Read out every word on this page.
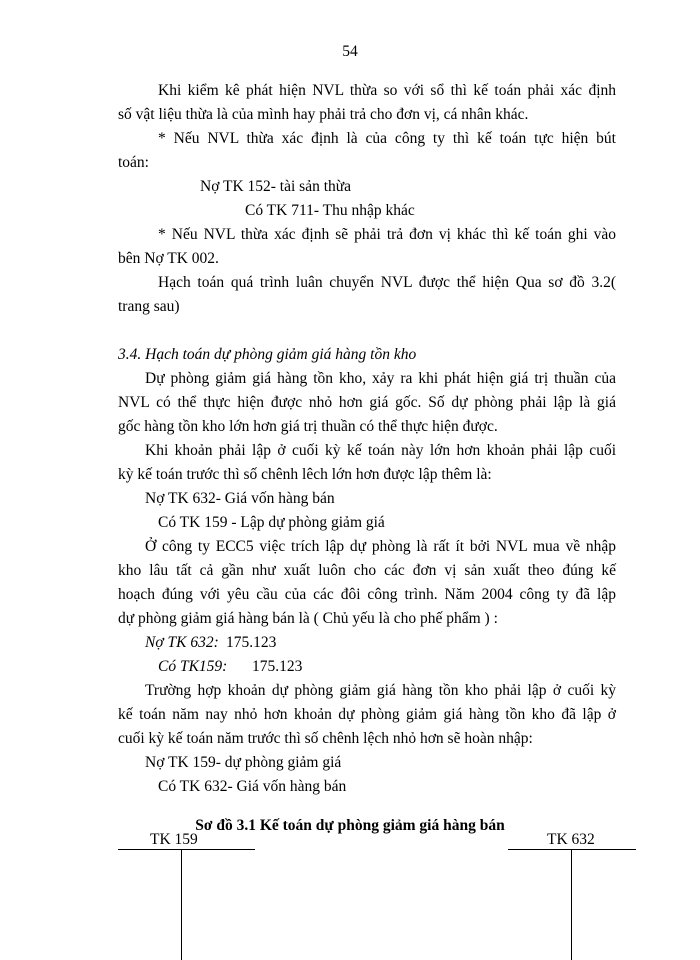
54
Khi kiểm kê phát hiện NVL thừa so với sổ thì kế toán phải xác định
số vật liệu thừa là của mình hay phải trả cho đơn vị, cá nhân khác.
* Nếu NVL thừa xác định là của công ty thì kế toán tực hiện bút
toán:
Nợ TK 152- tài sản thừa
Có TK 711- Thu nhập khác
* Nếu NVL thừa xác định sẽ phải trả đơn vị khác thì kế toán ghi vào
bên Nợ TK 002.
Hạch toán quá trình luân chuyển NVL được thể hiện Qua sơ đồ 3.2(
trang sau)
3.4. Hạch toán dự phòng giảm giá hàng tồn kho
Dự phòng giảm giá hàng tồn kho, xảy ra khi phát hiện giá trị thuần của
NVL có thể thực hiện được nhỏ hơn giá gốc. Số dự phòng phải lập là giá
gốc hàng tồn kho lớn hơn giá trị thuần có thể thực hiện được.
Khi khoản phải lập ở cuối kỳ kế toán này lớn hơn khoản phải lập cuối
kỳ kế toán trước thì số chênh lêch lớn hơn được lập thêm là:
Nợ TK 632- Giá vốn hàng bán
Có TK 159 - Lập dự phòng giảm giá
Ở công ty ECC5 việc trích lập dự phòng là rất ít bởi NVL mua về nhập
kho lâu tất cả gần như xuất luôn cho các đơn vị sản xuất theo đúng kế
hoạch đúng với yêu cầu của các đôi công trình. Năm 2004 công ty đã lập
dự phòng giảm giá hàng bán là ( Chủ yếu là cho phế phẩm ) :
Nợ TK 632: 175.123
Có TK159: 175.123
Trường hợp khoản dự phòng giảm giá hàng tồn kho phải lập ở cuối kỳ
kế toán năm nay nhỏ hơn khoản dự phòng giảm giá hàng tồn kho đã lập ở
cuối kỳ kế toán năm trước thì số chênh lệch nhỏ hơn sẽ hoàn nhập:
Nợ TK 159- dự phòng giảm giá
Có TK 632- Giá vốn hàng bán
Sơ đồ 3.1 Kế toán dự phòng giảm giá hàng bán
TK 159	TK 632
